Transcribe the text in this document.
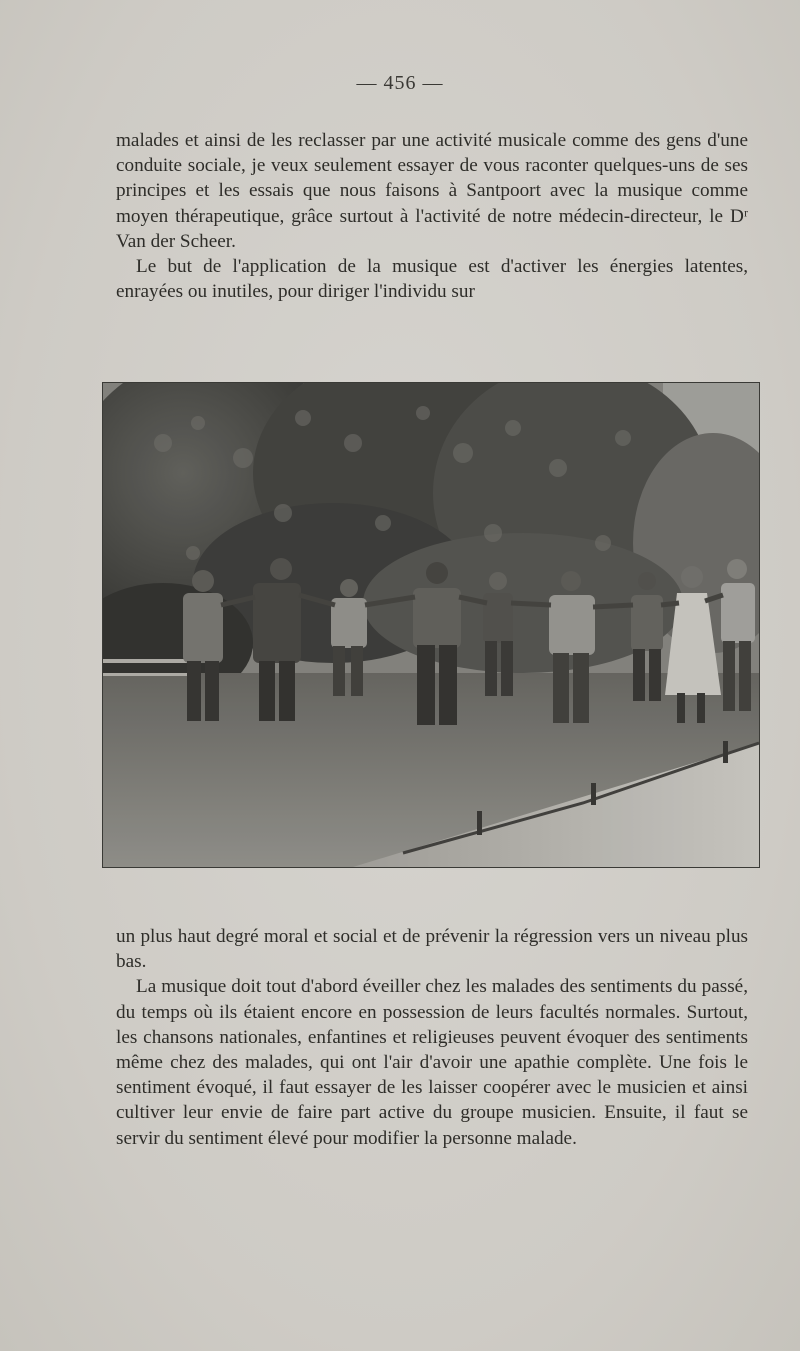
— 456 —

malades et ainsi de les reclasser par une activité musicale comme des gens d'une conduite sociale, je veux seulement essayer de vous raconter quelques-uns de ses principes et les essais que nous faisons à Santpoort avec la musique comme moyen thérapeutique, grâce surtout à l'activité de notre médecin-directeur, le Dʳ Van der Scheer.

Le but de l'application de la musique est d'activer les énergies latentes, enrayées ou inutiles, pour diriger l'individu sur

un plus haut degré moral et social et de prévenir la régression vers un niveau plus bas.

La musique doit tout d'abord éveiller chez les malades des sentiments du passé, du temps où ils étaient encore en possession de leurs facultés normales. Surtout, les chansons nationales, enfantines et religieuses peuvent évoquer des sentiments même chez des malades, qui ont l'air d'avoir une apathie complète. Une fois le sentiment évoqué, il faut essayer de les laisser coopérer avec le musicien et ainsi cultiver leur envie de faire part active du groupe musicien. Ensuite, il faut se servir du sentiment élevé pour modifier la personne malade.
